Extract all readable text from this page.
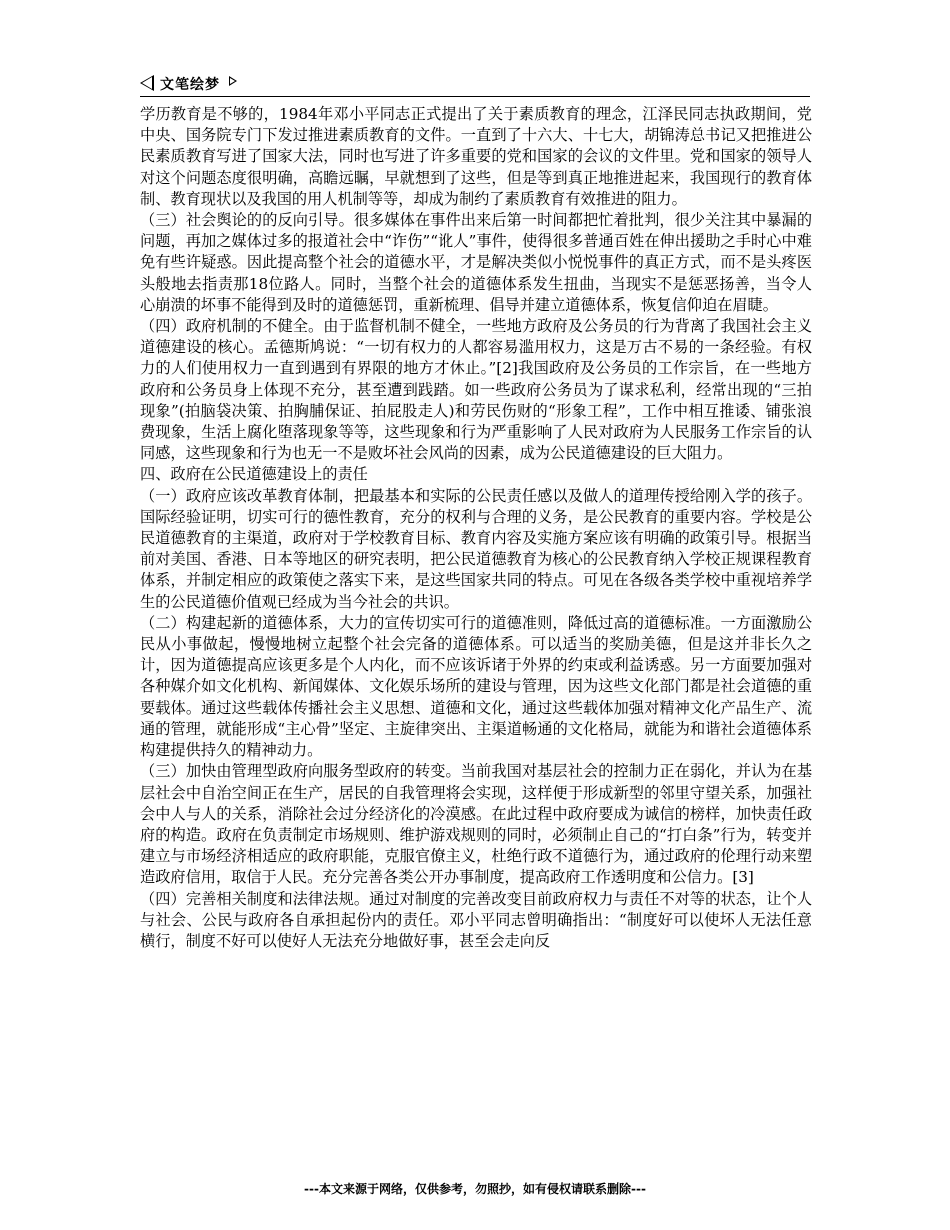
文笔绘梦

学历教育是不够的，1984年邓小平同志正式提出了关于素质教育的理念，江泽民同志执政期间，党中央、国务院专门下发过推进素质教育的文件。一直到了十六大、十七大，胡锦涛总书记又把推进公民素质教育写进了国家大法，同时也写进了许多重要的党和国家的会议的文件里。党和国家的领导人对这个问题态度很明确，高瞻远瞩，早就想到了这些，但是等到真正地推进起来，我国现行的教育体制、教育现状以及我国的用人机制等等，却成为制约了素质教育有效推进的阻力。

（三）社会舆论的的反向引导。很多媒体在事件出来后第一时间都把忙着批判，很少关注其中暴漏的问题，再加之媒体过多的报道社会中“诈伤”“讹人”事件，使得很多普通百姓在伸出援助之手时心中难免有些许疑惑。因此提高整个社会的道德水平，才是解决类似小悦悦事件的真正方式，而不是头疼医头般地去指责那18位路人。同时，当整个社会的道德体系发生扭曲，当现实不是惩恶扬善，当令人心崩溃的坏事不能得到及时的道德惩罚，重新梳理、倡导并建立道德体系，恢复信仰迫在眉睫。

（四）政府机制的不健全。由于监督机制不健全，一些地方政府及公务员的行为背离了我国社会主义道德建设的核心。孟德斯鸠说：“一切有权力的人都容易滥用权力，这是万古不易的一条经验。有权力的人们使用权力一直到遇到有界限的地方才休止。”[2]我国政府及公务员的工作宗旨，在一些地方政府和公务员身上体现不充分，甚至遭到践踏。如一些政府公务员为了谋求私利，经常出现的“三拍现象”(拍脑袋决策、拍胸脯保证、拍屁股走人)和劳民伤财的“形象工程”，工作中相互推诿、铺张浪费现象，生活上腐化堕落现象等等，这些现象和行为严重影响了人民对政府为人民服务工作宗旨的认同感，这些现象和行为也无一不是败坏社会风尚的因素，成为公民道德建设的巨大阻力。

四、政府在公民道德建设上的责任

（一）政府应该改革教育体制，把最基本和实际的公民责任感以及做人的道理传授给刚入学的孩子。国际经验证明，切实可行的德性教育，充分的权利与合理的义务，是公民教育的重要内容。学校是公民道德教育的主渠道，政府对于学校教育目标、教育内容及实施方案应该有明确的政策引导。根据当前对美国、香港、日本等地区的研究表明，把公民道德教育为核心的公民教育纳入学校正规课程教育体系，并制定相应的政策使之落实下来，是这些国家共同的特点。可见在各级各类学校中重视培养学生的公民道德价值观已经成为当今社会的共识。

（二）构建起新的道德体系，大力的宣传切实可行的道德准则，降低过高的道德标准。一方面激励公民从小事做起，慢慢地树立起整个社会完备的道德体系。可以适当的奖励美德，但是这并非长久之计，因为道德提高应该更多是个人内化，而不应该诉诸于外界的约束或利益诱惑。另一方面要加强对各种媒介如文化机构、新闻媒体、文化娱乐场所的建设与管理，因为这些文化部门都是社会道德的重要载体。通过这些载体传播社会主义思想、道德和文化，通过这些载体加强对精神文化产品生产、流通的管理，就能形成“主心骨”坚定、主旋律突出、主渠道畅通的文化格局，就能为和谐社会道德体系构建提供持久的精神动力。

（三）加快由管理型政府向服务型政府的转变。当前我国对基层社会的控制力正在弱化，并认为在基层社会中自治空间正在生产，居民的自我管理将会实现，这样便于形成新型的邻里守望关系，加强社会中人与人的关系，消除社会过分经济化的冷漠感。在此过程中政府要成为诚信的榜样，加快责任政府的构造。政府在负责制定市场规则、维护游戏规则的同时，必须制止自己的“打白条”行为，转变并建立与市场经济相适应的政府职能，克服官僚主义，杜绝行政不道德行为，通过政府的伦理行动来塑造政府信用，取信于人民。充分完善各类公开办事制度，提高政府工作透明度和公信力。[3]

（四）完善相关制度和法律法规。通过对制度的完善改变目前政府权力与责任不对等的状态，让个人与社会、公民与政府各自承担起份内的责任。邓小平同志曾明确指出：“制度好可以使坏人无法任意横行，制度不好可以使好人无法充分地做好事，甚至会走向反

---本文来源于网络，仅供参考，勿照抄，如有侵权请联系删除---
